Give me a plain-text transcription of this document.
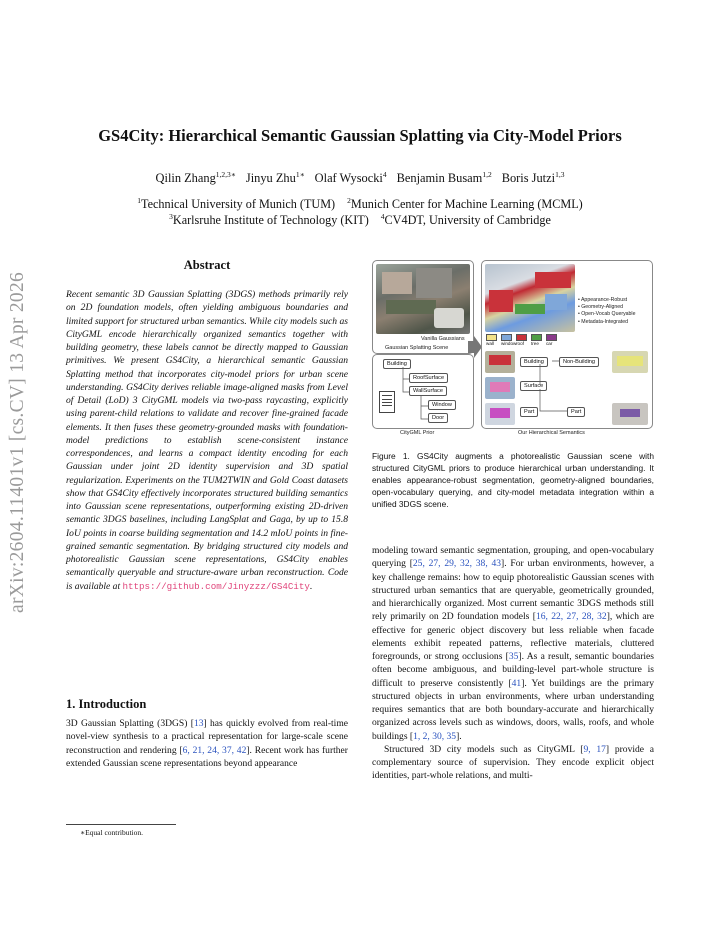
arXiv:2604.11401v1 [cs.CV] 13 Apr 2026
GS4City: Hierarchical Semantic Gaussian Splatting via City-Model Priors
Qilin Zhang$^{1,2,3∗}$ Jinyu Zhu$^{1∗}$ Olaf Wysocki$^4$ Benjamin Busam$^{1,2}$ Boris Jutzi$^{1,3}$
$^1$Technical University of Munich (TUM) $^2$Munich Center for Machine Learning (MCML)
$^3$Karlsruhe Institute of Technology (KIT) $^4$CV4DT, University of Cambridge
Abstract
Recent semantic 3D Gaussian Splatting (3DGS) methods primarily rely on 2D foundation models, often yielding ambiguous boundaries and limited support for structured urban semantics. While city models such as CityGML encode hierarchically organized semantics together with building geometry, these labels cannot be directly mapped to Gaussian primitives. We present GS4City, a hierarchical semantic Gaussian Splatting method that incorporates city-model priors for urban scene understanding. GS4City derives reliable image-aligned masks from Level of Detail (LoD) 3 CityGML models via two-pass raycasting, explicitly using parent-child relations to validate and recover fine-grained facade elements. It then fuses these geometry-grounded masks with foundation-model predictions to establish scene-consistent instance correspondences, and learns a compact identity encoding for each Gaussian under joint 2D identity supervision and 3D spatial regularization. Experiments on the TUM2TWIN and Gold Coast datasets show that GS4City effectively incorporates structured building semantics into Gaussian scene representations, outperforming existing 2D-driven semantic 3DGS baselines, including LangSplat and Gaga, by up to 15.8 IoU points in coarse building segmentation and 14.2 mIoU points in fine-grained semantic segmentation. By bridging structured city models and photorealistic Gaussian scene representations, GS4City enables semantically queryable and structure-aware urban reconstruction. Code is available at https://github.com/Jinyzzz/GS4City.
1. Introduction
3D Gaussian Splatting (3DGS) [13] has quickly evolved from real-time novel-view synthesis to a practical representation for large-scale scene reconstruction and rendering [6, 21, 24, 37, 42]. Recent work has further extended Gaussian scene representations beyond appearance
∗Equal contribution.
Vanilla Gaussians
Gaussian Splatting Scene
Building
RoofSurface
WallSurface
Window
Door
CityGML Prior
• Appearance-Robust
• Geometry-Aligned
• Open-Vocab Queryable
• Metadata-Integrated
wall window roof tree car
Building	Non-Building
Surface
Part	Part
Our Hierarchical Semantics
Figure 1. GS4City augments a photorealistic Gaussian scene with structured CityGML priors to produce hierarchical urban understanding. It enables appearance-robust segmentation, geometry-aligned boundaries, open-vocabulary querying, and city-model metadata integration within a unified 3DGS scene.

modeling toward semantic segmentation, grouping, and open-vocabulary querying [25, 27, 29, 32, 38, 43]. For urban environments, however, a key challenge remains: how to equip photorealistic Gaussian scenes with structured urban semantics that are queryable, geometrically grounded, and hierarchically organized. Most current semantic 3DGS methods still rely primarily on 2D foundation models [16, 22, 27, 28, 32], which are effective for generic object discovery but less reliable when facade elements exhibit repeated patterns, reflective materials, cluttered foregrounds, or strong occlusions [35]. As a result, semantic boundaries often become ambiguous, and building-level part-whole structure is difficult to preserve consistently [41]. Yet buildings are the primary structured objects in urban environments, where urban understanding requires semantics that are both boundary-accurate and hierarchically organized across levels such as windows, doors, walls, roofs, and whole buildings [1, 2, 30, 35].

Structured 3D city models such as CityGML [9, 17] provide a complementary source of supervision. They encode explicit object identities, part-whole relations, and multi-
